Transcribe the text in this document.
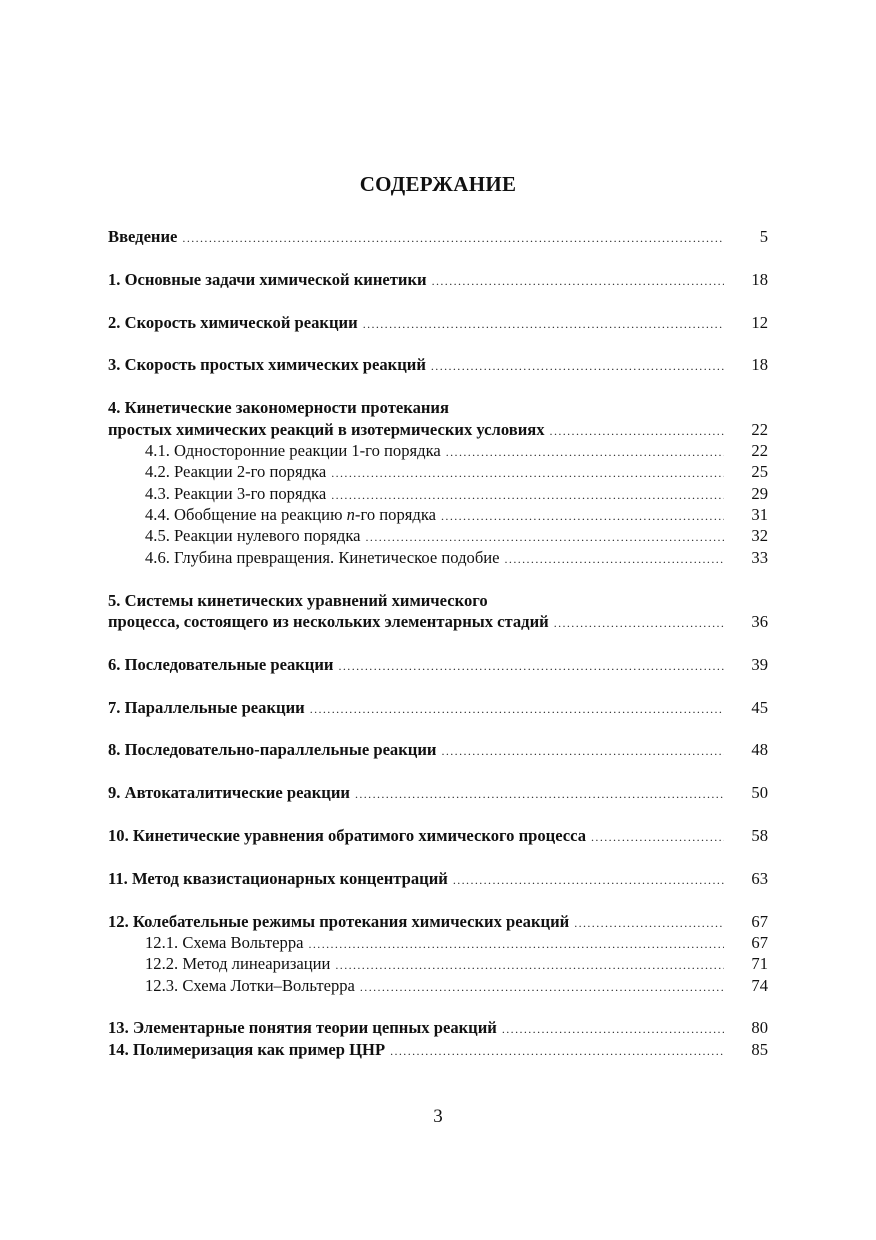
СОДЕРЖАНИЕ
Введение .....	5
1. Основные задачи химической кинетики .....	18
2. Скорость химической реакции .....	12
3. Скорость простых химических реакций .....	18
4. Кинетические закономерности протекания
простых химических реакций в изотермических условиях .....	22
4.1. Односторонние реакции 1-го порядка .....	22
4.2. Реакции 2-го порядка .....	25
4.3. Реакции 3-го порядка .....	29
4.4. Обобщение на реакцию n-го порядка .....	31
4.5. Реакции нулевого порядка .....	32
4.6. Глубина превращения. Кинетическое подобие .....	33
5. Системы кинетических уравнений химического
процесса, состоящего из нескольких элементарных стадий .....	36
6. Последовательные реакции .....	39
7. Параллельные реакции .....	45
8. Последовательно-параллельные реакции .....	48
9. Автокаталитические реакции .....	50
10. Кинетические уравнения обратимого химического процесса .....	58
11. Метод квазистационарных концентраций .....	63
12. Колебательные режимы протекания химических реакций .....	67
12.1. Схема Вольтерра .....	67
12.2. Метод линеаризации .....	71
12.3. Схема Лотки–Вольтерра .....	74
13. Элементарные понятия теории цепных реакций .....	80
14. Полимеризация как пример ЦНР .....	85
3
